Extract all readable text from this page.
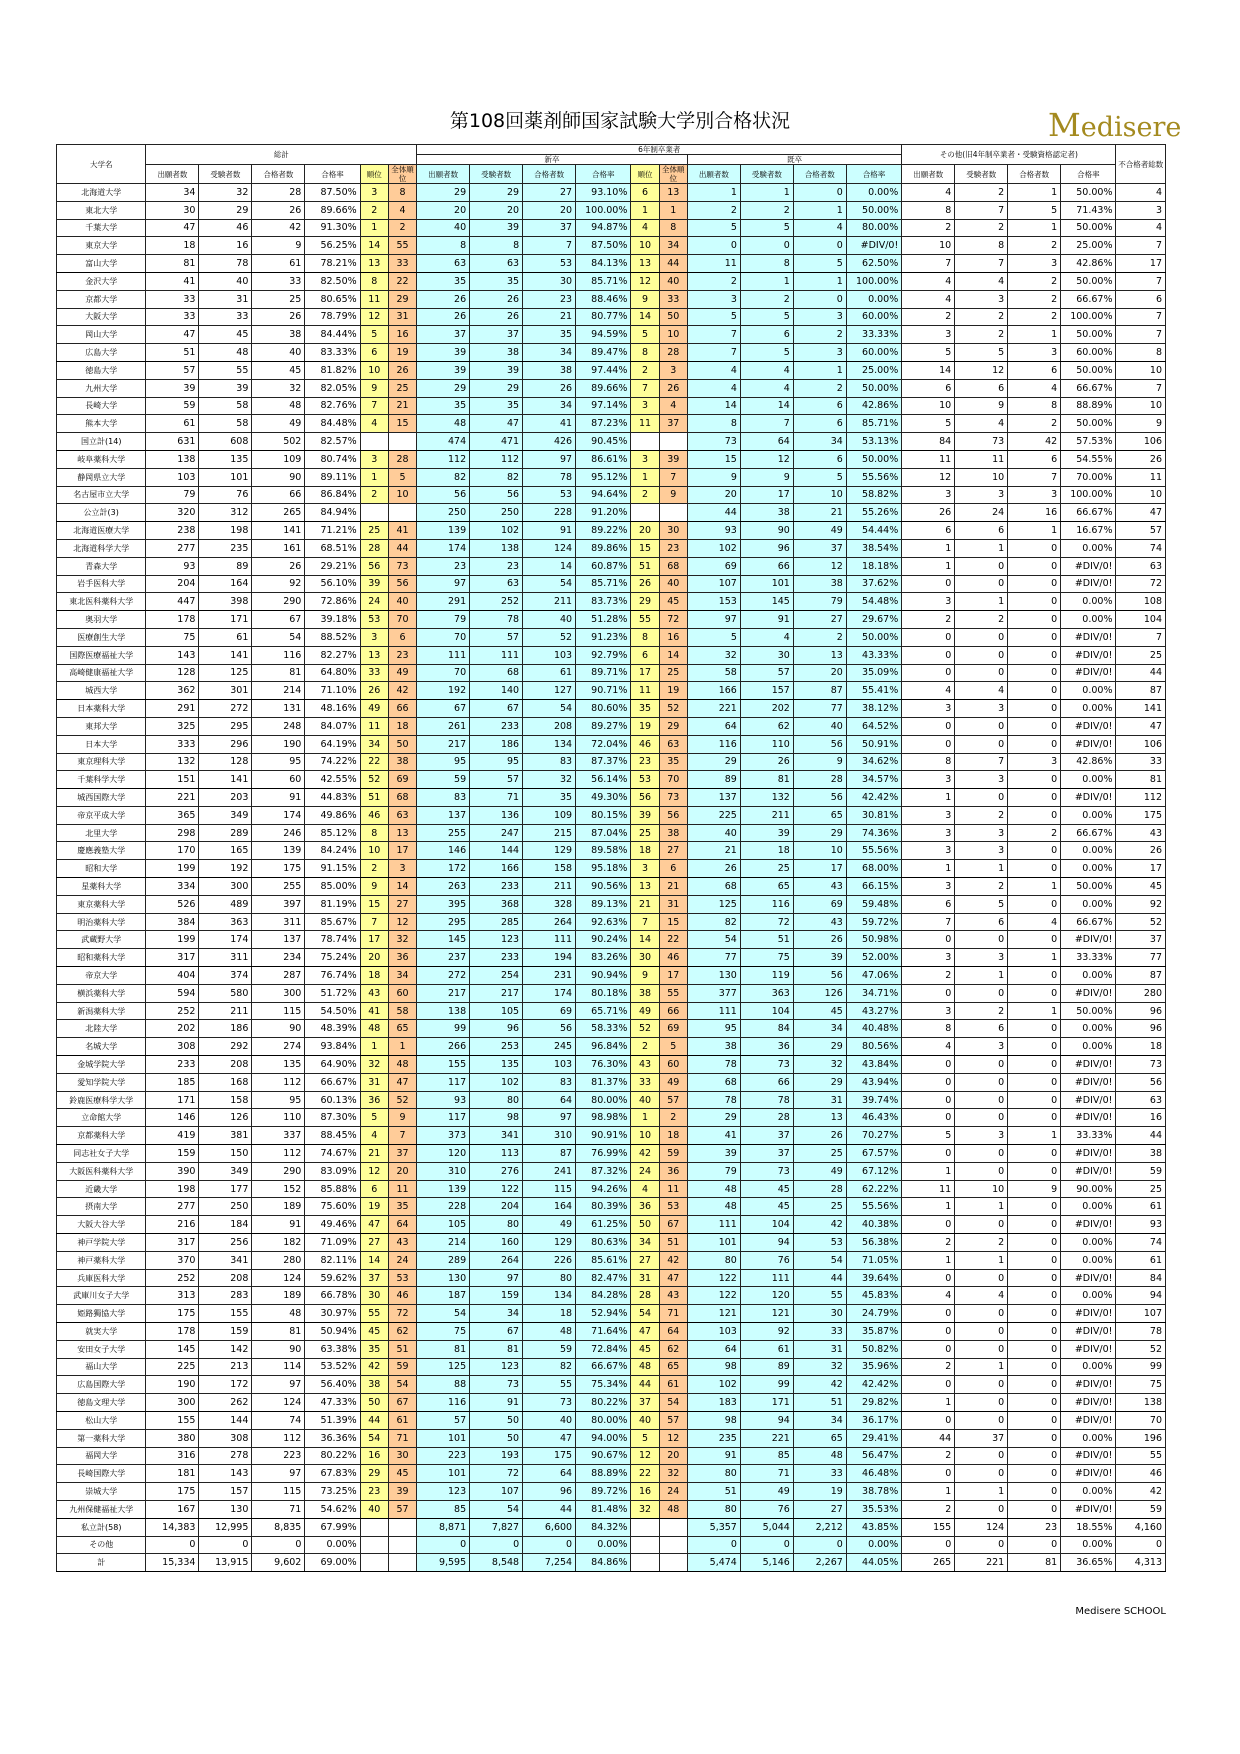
第108回薬剤師国家試験大学別合格状況	Medisere
大学名	総計						6年制卒業者										その他(旧4年制卒業者・受験資格認定者)				不合格者総数
							新卒						既卒								
	出願者数	受験者数	合格者数	合格率	順位	全体順位	出願者数	受験者数	合格者数	合格率	順位	全体順位	出願者数	受験者数	合格者数	合格率	出願者数	受験者数	合格者数	合格率	
北海道大学	34	32	28	87.50%	3	8	29	29	27	93.10%	6	13	1	1	0	0.00%	4	2	1	50.00%	4
東北大学	30	29	26	89.66%	2	4	20	20	20	100.00%	1	1	2	2	1	50.00%	8	7	5	71.43%	3
千葉大学	47	46	42	91.30%	1	2	40	39	37	94.87%	4	8	5	5	4	80.00%	2	2	1	50.00%	4
東京大学	18	16	9	56.25%	14	55	8	8	7	87.50%	10	34	0	0	0	#DIV/0!	10	8	2	25.00%	7
富山大学	81	78	61	78.21%	13	33	63	63	53	84.13%	13	44	11	8	5	62.50%	7	7	3	42.86%	17
金沢大学	41	40	33	82.50%	8	22	35	35	30	85.71%	12	40	2	1	1	100.00%	4	4	2	50.00%	7
京都大学	33	31	25	80.65%	11	29	26	26	23	88.46%	9	33	3	2	0	0.00%	4	3	2	66.67%	6
大阪大学	33	33	26	78.79%	12	31	26	26	21	80.77%	14	50	5	5	3	60.00%	2	2	2	100.00%	7
岡山大学	47	45	38	84.44%	5	16	37	37	35	94.59%	5	10	7	6	2	33.33%	3	2	1	50.00%	7
広島大学	51	48	40	83.33%	6	19	39	38	34	89.47%	8	28	7	5	3	60.00%	5	5	3	60.00%	8
徳島大学	57	55	45	81.82%	10	26	39	39	38	97.44%	2	3	4	4	1	25.00%	14	12	6	50.00%	10
九州大学	39	39	32	82.05%	9	25	29	29	26	89.66%	7	26	4	4	2	50.00%	6	6	4	66.67%	7
長崎大学	59	58	48	82.76%	7	21	35	35	34	97.14%	3	4	14	14	6	42.86%	10	9	8	88.89%	10
熊本大学	61	58	49	84.48%	4	15	48	47	41	87.23%	11	37	8	7	6	85.71%	5	4	2	50.00%	9
国立計(14)	631	608	502	82.57%			474	471	426	90.45%			73	64	34	53.13%	84	73	42	57.53%	106
岐阜薬科大学	138	135	109	80.74%	3	28	112	112	97	86.61%	3	39	15	12	6	50.00%	11	11	6	54.55%	26
静岡県立大学	103	101	90	89.11%	1	5	82	82	78	95.12%	1	7	9	9	5	55.56%	12	10	7	70.00%	11
名古屋市立大学	79	76	66	86.84%	2	10	56	56	53	94.64%	2	9	20	17	10	58.82%	3	3	3	100.00%	10
公立計(3)	320	312	265	84.94%			250	250	228	91.20%			44	38	21	55.26%	26	24	16	66.67%	47
北海道医療大学	238	198	141	71.21%	25	41	139	102	91	89.22%	20	30	93	90	49	54.44%	6	6	1	16.67%	57
北海道科学大学	277	235	161	68.51%	28	44	174	138	124	89.86%	15	23	102	96	37	38.54%	1	1	0	0.00%	74
青森大学	93	89	26	29.21%	56	73	23	23	14	60.87%	51	68	69	66	12	18.18%	1	0	0	#DIV/0!	63
岩手医科大学	204	164	92	56.10%	39	56	97	63	54	85.71%	26	40	107	101	38	37.62%	0	0	0	#DIV/0!	72
東北医科薬科大学	447	398	290	72.86%	24	40	291	252	211	83.73%	29	45	153	145	79	54.48%	3	1	0	0.00%	108
奥羽大学	178	171	67	39.18%	53	70	79	78	40	51.28%	55	72	97	91	27	29.67%	2	2	0	0.00%	104
医療創生大学	75	61	54	88.52%	3	6	70	57	52	91.23%	8	16	5	4	2	50.00%	0	0	0	#DIV/0!	7
国際医療福祉大学	143	141	116	82.27%	13	23	111	111	103	92.79%	6	14	32	30	13	43.33%	0	0	0	#DIV/0!	25
高崎健康福祉大学	128	125	81	64.80%	33	49	70	68	61	89.71%	17	25	58	57	20	35.09%	0	0	0	#DIV/0!	44
城西大学	362	301	214	71.10%	26	42	192	140	127	90.71%	11	19	166	157	87	55.41%	4	4	0	0.00%	87
日本薬科大学	291	272	131	48.16%	49	66	67	67	54	80.60%	35	52	221	202	77	38.12%	3	3	0	0.00%	141
東邦大学	325	295	248	84.07%	11	18	261	233	208	89.27%	19	29	64	62	40	64.52%	0	0	0	#DIV/0!	47
日本大学	333	296	190	64.19%	34	50	217	186	134	72.04%	46	63	116	110	56	50.91%	0	0	0	#DIV/0!	106
東京理科大学	132	128	95	74.22%	22	38	95	95	83	87.37%	23	35	29	26	9	34.62%	8	7	3	42.86%	33
千葉科学大学	151	141	60	42.55%	52	69	59	57	32	56.14%	53	70	89	81	28	34.57%	3	3	0	0.00%	81
城西国際大学	221	203	91	44.83%	51	68	83	71	35	49.30%	56	73	137	132	56	42.42%	1	0	0	#DIV/0!	112
帝京平成大学	365	349	174	49.86%	46	63	137	136	109	80.15%	39	56	225	211	65	30.81%	3	2	0	0.00%	175
北里大学	298	289	246	85.12%	8	13	255	247	215	87.04%	25	38	40	39	29	74.36%	3	3	2	66.67%	43
慶應義塾大学	170	165	139	84.24%	10	17	146	144	129	89.58%	18	27	21	18	10	55.56%	3	3	0	0.00%	26
昭和大学	199	192	175	91.15%	2	3	172	166	158	95.18%	3	6	26	25	17	68.00%	1	1	0	0.00%	17
星薬科大学	334	300	255	85.00%	9	14	263	233	211	90.56%	13	21	68	65	43	66.15%	3	2	1	50.00%	45
東京薬科大学	526	489	397	81.19%	15	27	395	368	328	89.13%	21	31	125	116	69	59.48%	6	5	0	0.00%	92
明治薬科大学	384	363	311	85.67%	7	12	295	285	264	92.63%	7	15	82	72	43	59.72%	7	6	4	66.67%	52
武蔵野大学	199	174	137	78.74%	17	32	145	123	111	90.24%	14	22	54	51	26	50.98%	0	0	0	#DIV/0!	37
昭和薬科大学	317	311	234	75.24%	20	36	237	233	194	83.26%	30	46	77	75	39	52.00%	3	3	1	33.33%	77
帝京大学	404	374	287	76.74%	18	34	272	254	231	90.94%	9	17	130	119	56	47.06%	2	1	0	0.00%	87
横浜薬科大学	594	580	300	51.72%	43	60	217	217	174	80.18%	38	55	377	363	126	34.71%	0	0	0	#DIV/0!	280
新潟薬科大学	252	211	115	54.50%	41	58	138	105	69	65.71%	49	66	111	104	45	43.27%	3	2	1	50.00%	96
北陸大学	202	186	90	48.39%	48	65	99	96	56	58.33%	52	69	95	84	34	40.48%	8	6	0	0.00%	96
名城大学	308	292	274	93.84%	1	1	266	253	245	96.84%	2	5	38	36	29	80.56%	4	3	0	0.00%	18
金城学院大学	233	208	135	64.90%	32	48	155	135	103	76.30%	43	60	78	73	32	43.84%	0	0	0	#DIV/0!	73
愛知学院大学	185	168	112	66.67%	31	47	117	102	83	81.37%	33	49	68	66	29	43.94%	0	0	0	#DIV/0!	56
鈴鹿医療科学大学	171	158	95	60.13%	36	52	93	80	64	80.00%	40	57	78	78	31	39.74%	0	0	0	#DIV/0!	63
立命館大学	146	126	110	87.30%	5	9	117	98	97	98.98%	1	2	29	28	13	46.43%	0	0	0	#DIV/0!	16
京都薬科大学	419	381	337	88.45%	4	7	373	341	310	90.91%	10	18	41	37	26	70.27%	5	3	1	33.33%	44
同志社女子大学	159	150	112	74.67%	21	37	120	113	87	76.99%	42	59	39	37	25	67.57%	0	0	0	#DIV/0!	38
大阪医科薬科大学	390	349	290	83.09%	12	20	310	276	241	87.32%	24	36	79	73	49	67.12%	1	0	0	#DIV/0!	59
近畿大学	198	177	152	85.88%	6	11	139	122	115	94.26%	4	11	48	45	28	62.22%	11	10	9	90.00%	25
摂南大学	277	250	189	75.60%	19	35	228	204	164	80.39%	36	53	48	45	25	55.56%	1	1	0	0.00%	61
大阪大谷大学	216	184	91	49.46%	47	64	105	80	49	61.25%	50	67	111	104	42	40.38%	0	0	0	#DIV/0!	93
神戸学院大学	317	256	182	71.09%	27	43	214	160	129	80.63%	34	51	101	94	53	56.38%	2	2	0	0.00%	74
神戸薬科大学	370	341	280	82.11%	14	24	289	264	226	85.61%	27	42	80	76	54	71.05%	1	1	0	0.00%	61
兵庫医科大学	252	208	124	59.62%	37	53	130	97	80	82.47%	31	47	122	111	44	39.64%	0	0	0	#DIV/0!	84
武庫川女子大学	313	283	189	66.78%	30	46	187	159	134	84.28%	28	43	122	120	55	45.83%	4	4	0	0.00%	94
姫路獨協大学	175	155	48	30.97%	55	72	54	34	18	52.94%	54	71	121	121	30	24.79%	0	0	0	#DIV/0!	107
就実大学	178	159	81	50.94%	45	62	75	67	48	71.64%	47	64	103	92	33	35.87%	0	0	0	#DIV/0!	78
安田女子大学	145	142	90	63.38%	35	51	81	81	59	72.84%	45	62	64	61	31	50.82%	0	0	0	#DIV/0!	52
福山大学	225	213	114	53.52%	42	59	125	123	82	66.67%	48	65	98	89	32	35.96%	2	1	0	0.00%	99
広島国際大学	190	172	97	56.40%	38	54	88	73	55	75.34%	44	61	102	99	42	42.42%	0	0	0	#DIV/0!	75
徳島文理大学	300	262	124	47.33%	50	67	116	91	73	80.22%	37	54	183	171	51	29.82%	1	0	0	#DIV/0!	138
松山大学	155	144	74	51.39%	44	61	57	50	40	80.00%	40	57	98	94	34	36.17%	0	0	0	#DIV/0!	70
第一薬科大学	380	308	112	36.36%	54	71	101	50	47	94.00%	5	12	235	221	65	29.41%	44	37	0	0.00%	196
福岡大学	316	278	223	80.22%	16	30	223	193	175	90.67%	12	20	91	85	48	56.47%	2	0	0	#DIV/0!	55
長崎国際大学	181	143	97	67.83%	29	45	101	72	64	88.89%	22	32	80	71	33	46.48%	0	0	0	#DIV/0!	46
崇城大学	175	157	115	73.25%	23	39	123	107	96	89.72%	16	24	51	49	19	38.78%	1	1	0	0.00%	42
九州保健福祉大学	167	130	71	54.62%	40	57	85	54	44	81.48%	32	48	80	76	27	35.53%	2	0	0	#DIV/0!	59
私立計(58)	14,383	12,995	8,835	67.99%			8,871	7,827	6,600	84.32%			5,357	5,044	2,212	43.85%	155	124	23	18.55%	4,160
その他	0	0	0	0.00%			0	0	0	0.00%			0	0	0	0.00%	0	0	0	0.00%	0
計	15,334	13,915	9,602	69.00%			9,595	8,548	7,254	84.86%			5,474	5,146	2,267	44.05%	265	221	81	36.65%	4,313
Medisere SCHOOL
